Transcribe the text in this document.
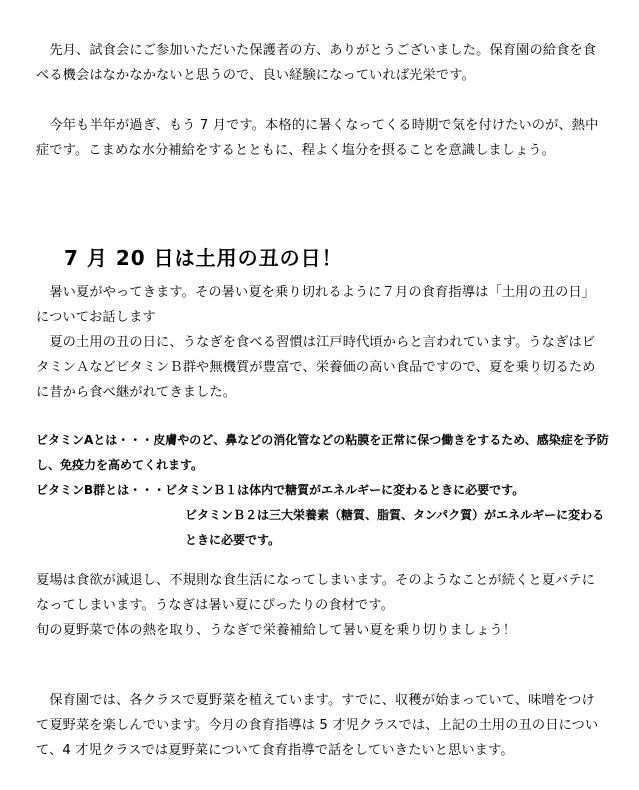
　先月、試食会にご参加いただいた保護者の方、ありがとうございました。保育園の給食を食べる機会はなかなかないと思うので、良い経験になっていれば光栄です。

　今年も半年が過ぎ、もう 7 月です。本格的に暑くなってくる時期で気を付けたいのが、熱中症です。こまめな水分補給をするとともに、程よく塩分を摂ることを意識しましょう。

7 月 20 日は土用の丑の日！

　暑い夏がやってきます。その暑い夏を乗り切れるように７月の食育指導は「土用の丑の日」についてお話します

　夏の土用の丑の日に、うなぎを食べる習慣は江戸時代頃からと言われています。うなぎはビタミンＡなどビタミンＢ群や無機質が豊富で、栄養価の高い食品ですので、夏を乗り切るために昔から食べ継がれてきました。

ビタミンAとは・・・皮膚やのど、鼻などの消化管などの粘膜を正常に保つ働きをするため、感染症を予防し、免疫力を高めてくれます。

ビタミンB群とは・・・ビタミンＢ１は体内で糖質がエネルギーに変わるときに必要です。

ビタミンＢ２は三大栄養素（糖質、脂質、タンパク質）がエネルギーに変わるときに必要です。

夏場は食欲が減退し、不規則な食生活になってしまいます。そのようなことが続くと夏バテになってしまいます。うなぎは暑い夏にぴったりの食材です。

旬の夏野菜で体の熱を取り、うなぎで栄養補給して暑い夏を乗り切りましょう！

　保育園では、各クラスで夏野菜を植えています。すでに、収穫が始まっていて、味噌をつけて夏野菜を楽しんでいます。今月の食育指導は 5 才児クラスでは、上記の土用の丑の日について、4 才児クラスでは夏野菜について食育指導で話をしていきたいと思います。
